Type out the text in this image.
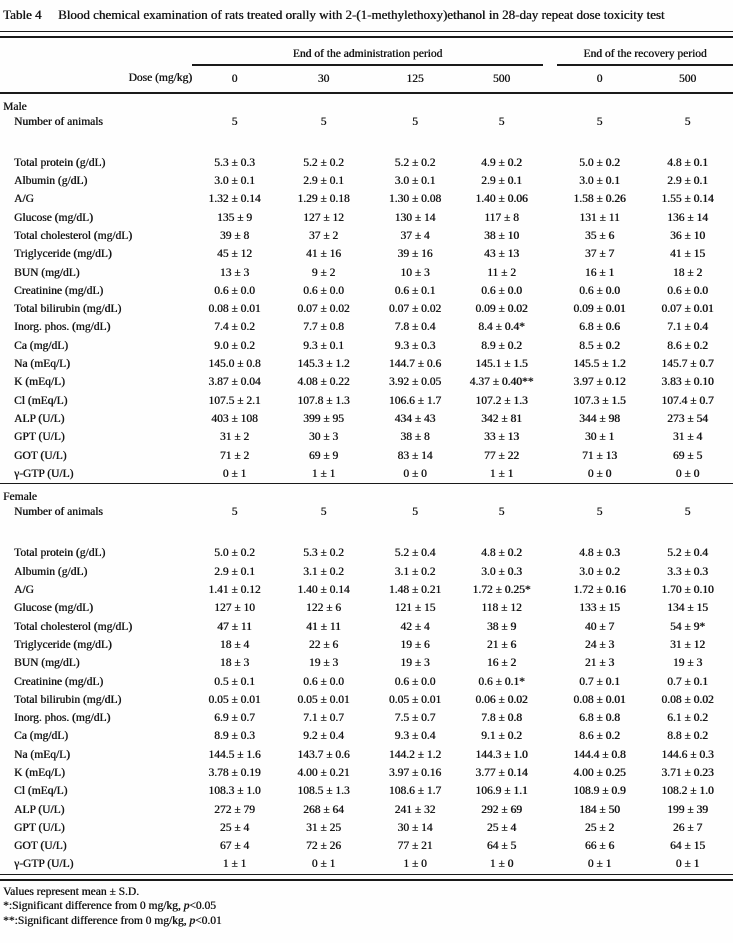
Table 4	Blood chemical examination of rats treated orally with 2-(1-methylethoxy)ethanol in 28-day repeat dose toxicity test
	End of the administration period					End of the recovery period	
Dose (mg/kg)	0	30	125	500		0	500
Male							
Number of animals	5	5	5	5		5	5

Total protein (g/dL)	5.3 ± 0.3	5.2 ± 0.2	5.2 ± 0.2	4.9 ± 0.2		5.0 ± 0.2	4.8 ± 0.1
Albumin (g/dL)	3.0 ± 0.1	2.9 ± 0.1	3.0 ± 0.1	2.9 ± 0.1		3.0 ± 0.1	2.9 ± 0.1
A/G	1.32 ± 0.14	1.29 ± 0.18	1.30 ± 0.08	1.40 ± 0.06		1.58 ± 0.26	1.55 ± 0.14
Glucose (mg/dL)	135 ± 9	127 ± 12	130 ± 14	117 ± 8		131 ± 11	136 ± 14
Total cholesterol (mg/dL)	39 ± 8	37 ± 2	37 ± 4	38 ± 10		35 ± 6	36 ± 10
Triglyceride (mg/dL)	45 ± 12	41 ± 16	39 ± 16	43 ± 13		37 ± 7	41 ± 15
BUN (mg/dL)	13 ± 3	9 ± 2	10 ± 3	11 ± 2		16 ± 1	18 ± 2
Creatinine (mg/dL)	0.6 ± 0.0	0.6 ± 0.0	0.6 ± 0.1	0.6 ± 0.0		0.6 ± 0.0	0.6 ± 0.0
Total bilirubin (mg/dL)	0.08 ± 0.01	0.07 ± 0.02	0.07 ± 0.02	0.09 ± 0.02		0.09 ± 0.01	0.07 ± 0.01
Inorg. phos. (mg/dL)	7.4 ± 0.2	7.7 ± 0.8	7.8 ± 0.4	8.4 ± 0.4*		6.8 ± 0.6	7.1 ± 0.4
Ca (mg/dL)	9.0 ± 0.2	9.3 ± 0.1	9.3 ± 0.3	8.9 ± 0.2		8.5 ± 0.2	8.6 ± 0.2
Na (mEq/L)	145.0 ± 0.8	145.3 ± 1.2	144.7 ± 0.6	145.1 ± 1.5		145.5 ± 1.2	145.7 ± 0.7
K (mEq/L)	3.87 ± 0.04	4.08 ± 0.22	3.92 ± 0.05	4.37 ± 0.40**		3.97 ± 0.12	3.83 ± 0.10
Cl (mEq/L)	107.5 ± 2.1	107.8 ± 1.3	106.6 ± 1.7	107.2 ± 1.3		107.3 ± 1.5	107.4 ± 0.7
ALP (U/L)	403 ± 108	399 ± 95	434 ± 43	342 ± 81		344 ± 98	273 ± 54
GPT (U/L)	31 ± 2	30 ± 3	38 ± 8	33 ± 13		30 ± 1	31 ± 4
GOT (U/L)	71 ± 2	69 ± 9	83 ± 14	77 ± 22		71 ± 13	69 ± 5
γ-GTP (U/L)	0 ± 1	1 ± 1	0 ± 0	1 ± 1		0 ± 0	0 ± 0
Female							
Number of animals	5	5	5	5		5	5

Total protein (g/dL)	5.0 ± 0.2	5.3 ± 0.2	5.2 ± 0.4	4.8 ± 0.2		4.8 ± 0.3	5.2 ± 0.4
Albumin (g/dL)	2.9 ± 0.1	3.1 ± 0.2	3.1 ± 0.2	3.0 ± 0.3		3.0 ± 0.2	3.3 ± 0.3
A/G	1.41 ± 0.12	1.40 ± 0.14	1.48 ± 0.21	1.72 ± 0.25*		1.72 ± 0.16	1.70 ± 0.10
Glucose (mg/dL)	127 ± 10	122 ± 6	121 ± 15	118 ± 12		133 ± 15	134 ± 15
Total cholesterol (mg/dL)	47 ± 11	41 ± 11	42 ± 4	38 ± 9		40 ± 7	54 ± 9*
Triglyceride (mg/dL)	18 ± 4	22 ± 6	19 ± 6	21 ± 6		24 ± 3	31 ± 12
BUN (mg/dL)	18 ± 3	19 ± 3	19 ± 3	16 ± 2		21 ± 3	19 ± 3
Creatinine (mg/dL)	0.5 ± 0.1	0.6 ± 0.0	0.6 ± 0.0	0.6 ± 0.1*		0.7 ± 0.1	0.7 ± 0.1
Total bilirubin (mg/dL)	0.05 ± 0.01	0.05 ± 0.01	0.05 ± 0.01	0.06 ± 0.02		0.08 ± 0.01	0.08 ± 0.02
Inorg. phos. (mg/dL)	6.9 ± 0.7	7.1 ± 0.7	7.5 ± 0.7	7.8 ± 0.8		6.8 ± 0.8	6.1 ± 0.2
Ca (mg/dL)	8.9 ± 0.3	9.2 ± 0.4	9.3 ± 0.4	9.1 ± 0.2		8.6 ± 0.2	8.8 ± 0.2
Na (mEq/L)	144.5 ± 1.6	143.7 ± 0.6	144.2 ± 1.2	144.3 ± 1.0		144.4 ± 0.8	144.6 ± 0.3
K (mEq/L)	3.78 ± 0.19	4.00 ± 0.21	3.97 ± 0.16	3.77 ± 0.14		4.00 ± 0.25	3.71 ± 0.23
Cl (mEq/L)	108.3 ± 1.0	108.5 ± 1.3	108.6 ± 1.7	106.9 ± 1.1		108.9 ± 0.9	108.2 ± 1.0
ALP (U/L)	272 ± 79	268 ± 64	241 ± 32	292 ± 69		184 ± 50	199 ± 39
GPT (U/L)	25 ± 4	31 ± 25	30 ± 14	25 ± 4		25 ± 2	26 ± 7
GOT (U/L)	67 ± 4	72 ± 26	77 ± 21	64 ± 5		66 ± 6	64 ± 15
γ-GTP (U/L)	1 ± 1	0 ± 1	1 ± 0	1 ± 0		0 ± 1	0 ± 1
Values represent mean ± S.D.
*:Significant difference from 0 mg/kg, p<0.05
**:Significant difference from 0 mg/kg, p<0.01
